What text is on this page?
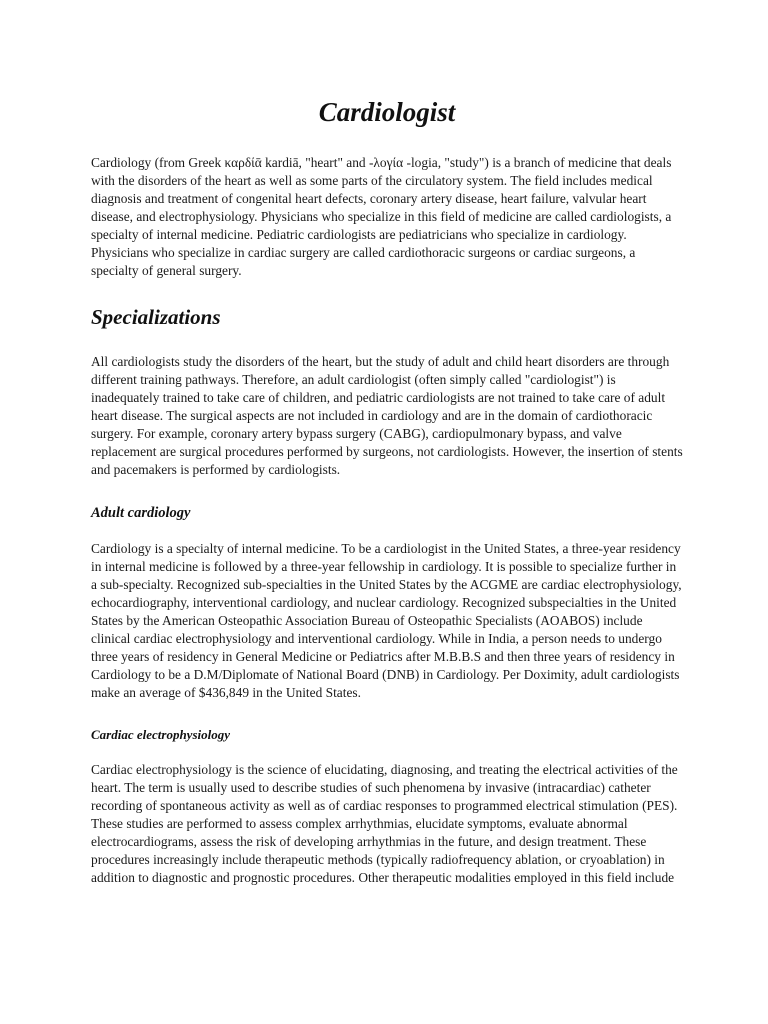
Cardiologist

Cardiology (from Greek καρδίᾱ kardiā, "heart" and -λογία -logia, "study") is a branch of medicine that deals with the disorders of the heart as well as some parts of the circulatory system. The field includes medical diagnosis and treatment of congenital heart defects, coronary artery disease, heart failure, valvular heart disease, and electrophysiology. Physicians who specialize in this field of medicine are called cardiologists, a specialty of internal medicine. Pediatric cardiologists are pediatricians who specialize in cardiology. Physicians who specialize in cardiac surgery are called cardiothoracic surgeons or cardiac surgeons, a specialty of general surgery.

Specializations

All cardiologists study the disorders of the heart, but the study of adult and child heart disorders are through different training pathways. Therefore, an adult cardiologist (often simply called "cardiologist") is inadequately trained to take care of children, and pediatric cardiologists are not trained to take care of adult heart disease. The surgical aspects are not included in cardiology and are in the domain of cardiothoracic surgery. For example, coronary artery bypass surgery (CABG), cardiopulmonary bypass, and valve replacement are surgical procedures performed by surgeons, not cardiologists. However, the insertion of stents and pacemakers is performed by cardiologists.

Adult cardiology

Cardiology is a specialty of internal medicine. To be a cardiologist in the United States, a three-year residency in internal medicine is followed by a three-year fellowship in cardiology. It is possible to specialize further in a sub-specialty. Recognized sub-specialties in the United States by the ACGME are cardiac electrophysiology, echocardiography, interventional cardiology, and nuclear cardiology. Recognized subspecialties in the United States by the American Osteopathic Association Bureau of Osteopathic Specialists (AOABOS) include clinical cardiac electrophysiology and interventional cardiology. While in India, a person needs to undergo three years of residency in General Medicine or Pediatrics after M.B.B.S and then three years of residency in Cardiology to be a D.M/Diplomate of National Board (DNB) in Cardiology. Per Doximity, adult cardiologists make an average of $436,849 in the United States.

Cardiac electrophysiology

Cardiac electrophysiology is the science of elucidating, diagnosing, and treating the electrical activities of the heart. The term is usually used to describe studies of such phenomena by invasive (intracardiac) catheter recording of spontaneous activity as well as of cardiac responses to programmed electrical stimulation (PES). These studies are performed to assess complex arrhythmias, elucidate symptoms, evaluate abnormal electrocardiograms, assess the risk of developing arrhythmias in the future, and design treatment. These procedures increasingly include therapeutic methods (typically radiofrequency ablation, or cryoablation) in addition to diagnostic and prognostic procedures. Other therapeutic modalities employed in this field include
